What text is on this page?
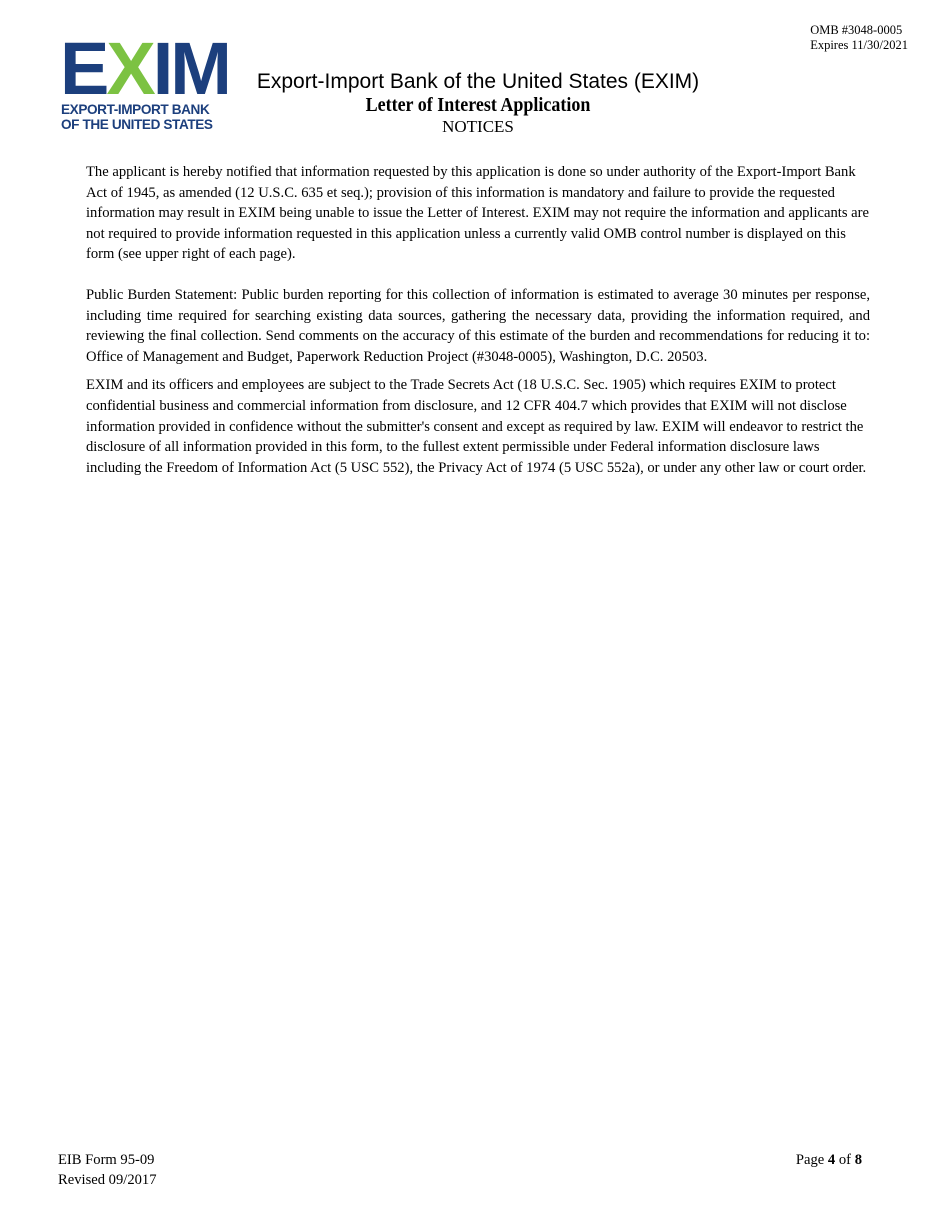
OMB #3048-0005
Expires 11/30/2021
EXIM
EXPORT-IMPORT BANK
OF THE UNITED STATES
Export-Import Bank of the United States (EXIM)
Letter of Interest Application
NOTICES

The applicant is hereby notified that information requested by this application is done so under authority of the Export-Import Bank Act of 1945, as amended (12 U.S.C. 635 et seq.); provision of this information is mandatory and failure to provide the requested information may result in EXIM being unable to issue the Letter of Interest. EXIM may not require the information and applicants are not required to provide information requested in this application unless a currently valid OMB control number is displayed on this form (see upper right of each page).

Public Burden Statement: Public burden reporting for this collection of information is estimated to average 30 minutes per response, including time required for searching existing data sources, gathering the necessary data, providing the information required, and reviewing the final collection. Send comments on the accuracy of this estimate of the burden and recommendations for reducing it to: Office of Management and Budget, Paperwork Reduction Project (#3048-0005), Washington, D.C. 20503.

EXIM and its officers and employees are subject to the Trade Secrets Act (18 U.S.C. Sec. 1905) which requires EXIM to protect confidential business and commercial information from disclosure, and 12 CFR 404.7 which provides that EXIM will not disclose information provided in confidence without the submitter's consent and except as required by law. EXIM will endeavor to restrict the disclosure of all information provided in this form, to the fullest extent permissible under Federal information disclosure laws including the Freedom of Information Act (5 USC 552), the Privacy Act of 1974 (5 USC 552a), or under any other law or court order.

EIB Form 95-09
Revised 09/2017
Page 4 of 8
